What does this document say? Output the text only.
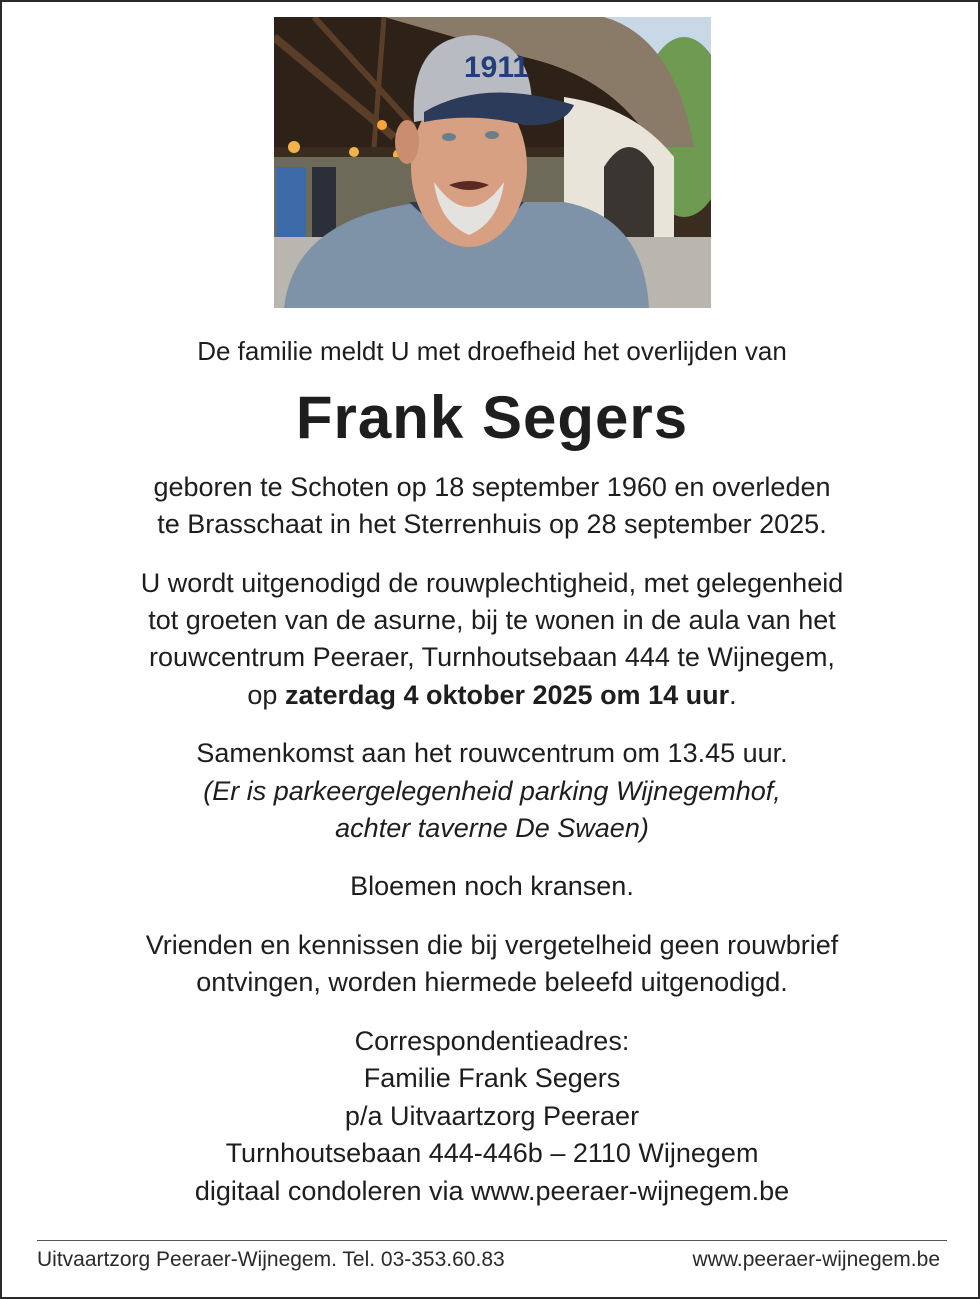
1911
De familie meldt U met droefheid het overlijden van
Frank Segers
geboren te Schoten op 18 september 1960 en overleden
te Brasschaat in het Sterrenhuis op 28 september 2025.
U wordt uitgenodigd de rouwplechtigheid, met gelegenheid
tot groeten van de asurne, bij te wonen in de aula van het
rouwcentrum Peeraer, Turnhoutsebaan 444 te Wijnegem,
op zaterdag 4 oktober 2025 om 14 uur.
Samenkomst aan het rouwcentrum om 13.45 uur.
(Er is parkeergelegenheid parking Wijnegemhof,
achter taverne De Swaen)
Bloemen noch kransen.
Vrienden en kennissen die bij vergetelheid geen rouwbrief
ontvingen, worden hiermede beleefd uitgenodigd.
Correspondentieadres:
Familie Frank Segers
p/a Uitvaartzorg Peeraer
Turnhoutsebaan 444-446b – 2110 Wijnegem
digitaal condoleren via www.peeraer-wijnegem.be
Uitvaartzorg Peeraer-Wijnegem. Tel. 03-353.60.83	www.peeraer-wijnegem.be
